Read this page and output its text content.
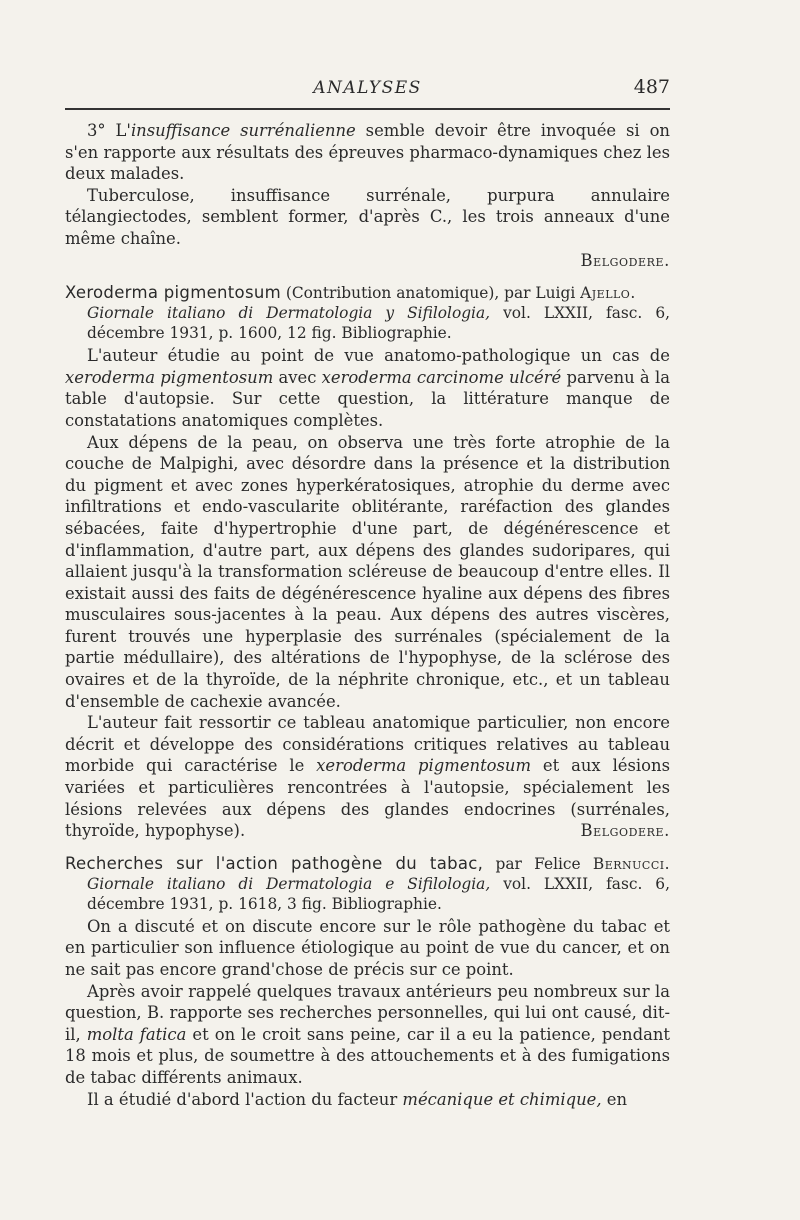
ANALYSES	487

3° L'insuffisance surrénalienne semble devoir être invoquée si on s'en rapporte aux résultats des épreuves pharmaco-dynamiques chez les deux malades.

Tuberculose, insuffisance surrénale, purpura annulaire télangiectodes, semblent former, d'après C., les trois anneaux d'une même chaîne.

Belgodere.

Xeroderma pigmentosum (Contribution anatomique), par Luigi Ajello.
Giornale italiano di Dermatologia y Sifilologia, vol. LXXII, fasc. 6, décembre 1931, p. 1600, 12 fig. Bibliographie.

L'auteur étudie au point de vue anatomo-pathologique un cas de xeroderma pigmentosum avec xeroderma carcinome ulcéré parvenu à la table d'autopsie. Sur cette question, la littérature manque de constatations anatomiques complètes.

Aux dépens de la peau, on observa une très forte atrophie de la couche de Malpighi, avec désordre dans la présence et la distribution du pigment et avec zones hyperkératosiques, atrophie du derme avec infiltrations et endo-vascularite oblitérante, raréfaction des glandes sébacées, faite d'hypertrophie d'une part, de dégénérescence et d'inflammation, d'autre part, aux dépens des glandes sudoripares, qui allaient jusqu'à la transformation scléreuse de beaucoup d'entre elles. Il existait aussi des faits de dégénérescence hyaline aux dépens des fibres musculaires sous-jacentes à la peau. Aux dépens des autres viscères, furent trouvés une hyperplasie des surrénales (spécialement de la partie médullaire), des altérations de l'hypophyse, de la sclérose des ovaires et de la thyroïde, de la néphrite chronique, etc., et un tableau d'ensemble de cachexie avancée.

L'auteur fait ressortir ce tableau anatomique particulier, non encore décrit et développe des considérations critiques relatives au tableau morbide qui caractérise le xeroderma pigmentosum et aux lésions variées et particulières rencontrées à l'autopsie, spécialement les lésions relevées aux dépens des glandes endocrines (surrénales, thyroïde, hypophyse).	Belgodere.

Recherches sur l'action pathogène du tabac, par Felice Bernucci. Giornale italiano di Dermatologia e Sifilologia, vol. LXXII, fasc. 6, décembre 1931, p. 1618, 3 fig. Bibliographie.

On a discuté et on discute encore sur le rôle pathogène du tabac et en particulier son influence étiologique au point de vue du cancer, et on ne sait pas encore grand'chose de précis sur ce point.

Après avoir rappelé quelques travaux antérieurs peu nombreux sur la question, B. rapporte ses recherches personnelles, qui lui ont causé, dit-il, molta fatica et on le croit sans peine, car il a eu la patience, pendant 18 mois et plus, de soumettre à des attouchements et à des fumigations de tabac différents animaux.

Il a étudié d'abord l'action du facteur mécanique et chimique, en
